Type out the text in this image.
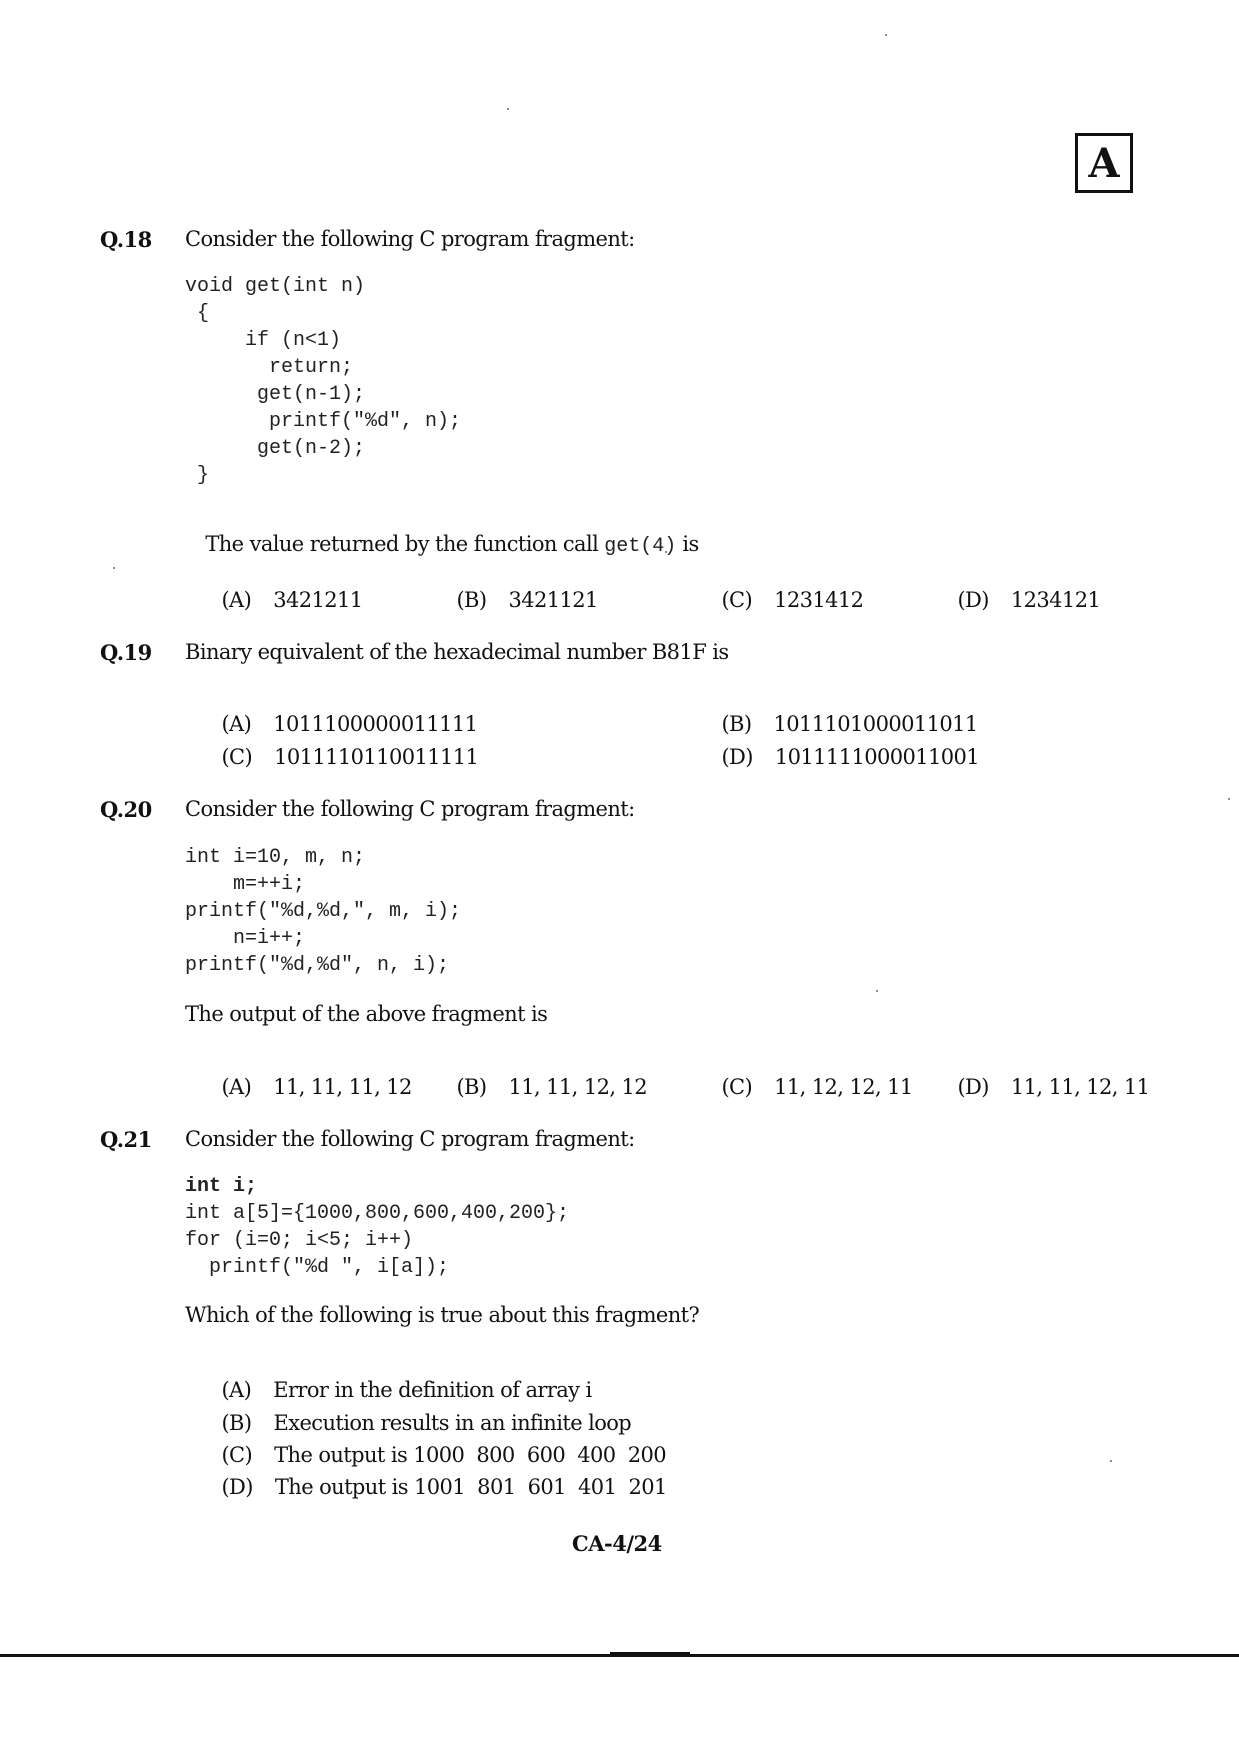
A
Q.18 Consider the following C program fragment:
void get(int n)
{
if (n<1)
return;
get(n-1);
printf("%d", n);
get(n-2);
}

The value returned by the function call get(4) is

(A) 3421211
	(B) 3421121
	(C) 1231412
	(D) 1234121

Q.19 Binary equivalent of the hexadecimal number B81F is

(A) 1011100000011111
	(B) 1011101000011011

(C) 1011110110011111
	(D) 1011111000011001

Q.20 Consider the following C program fragment:
int i=10, m, n;
m=++i;
printf("%d,%d,", m, i);
n=i++;
printf("%d,%d", n, i);
The output of the above fragment is

(A) 11, 11, 11, 12
	(B) 11, 11, 12, 12
	(C) 11, 12, 12, 11
	(D) 11, 11, 12, 11

Q.21 Consider the following C program fragment:
int i;
int a[5]={1000,800,600,400,200};
for (i=0; i<5; i++)
printf("%d ", i[a]);
Which of the following is true about this fragment?

(A) Error in the definition of array i

(B) Execution results in an infinite loop

(C) The output is 1000  800  600  400  200

(D) The output is 1001  801  601  401  201

CA-4/24
